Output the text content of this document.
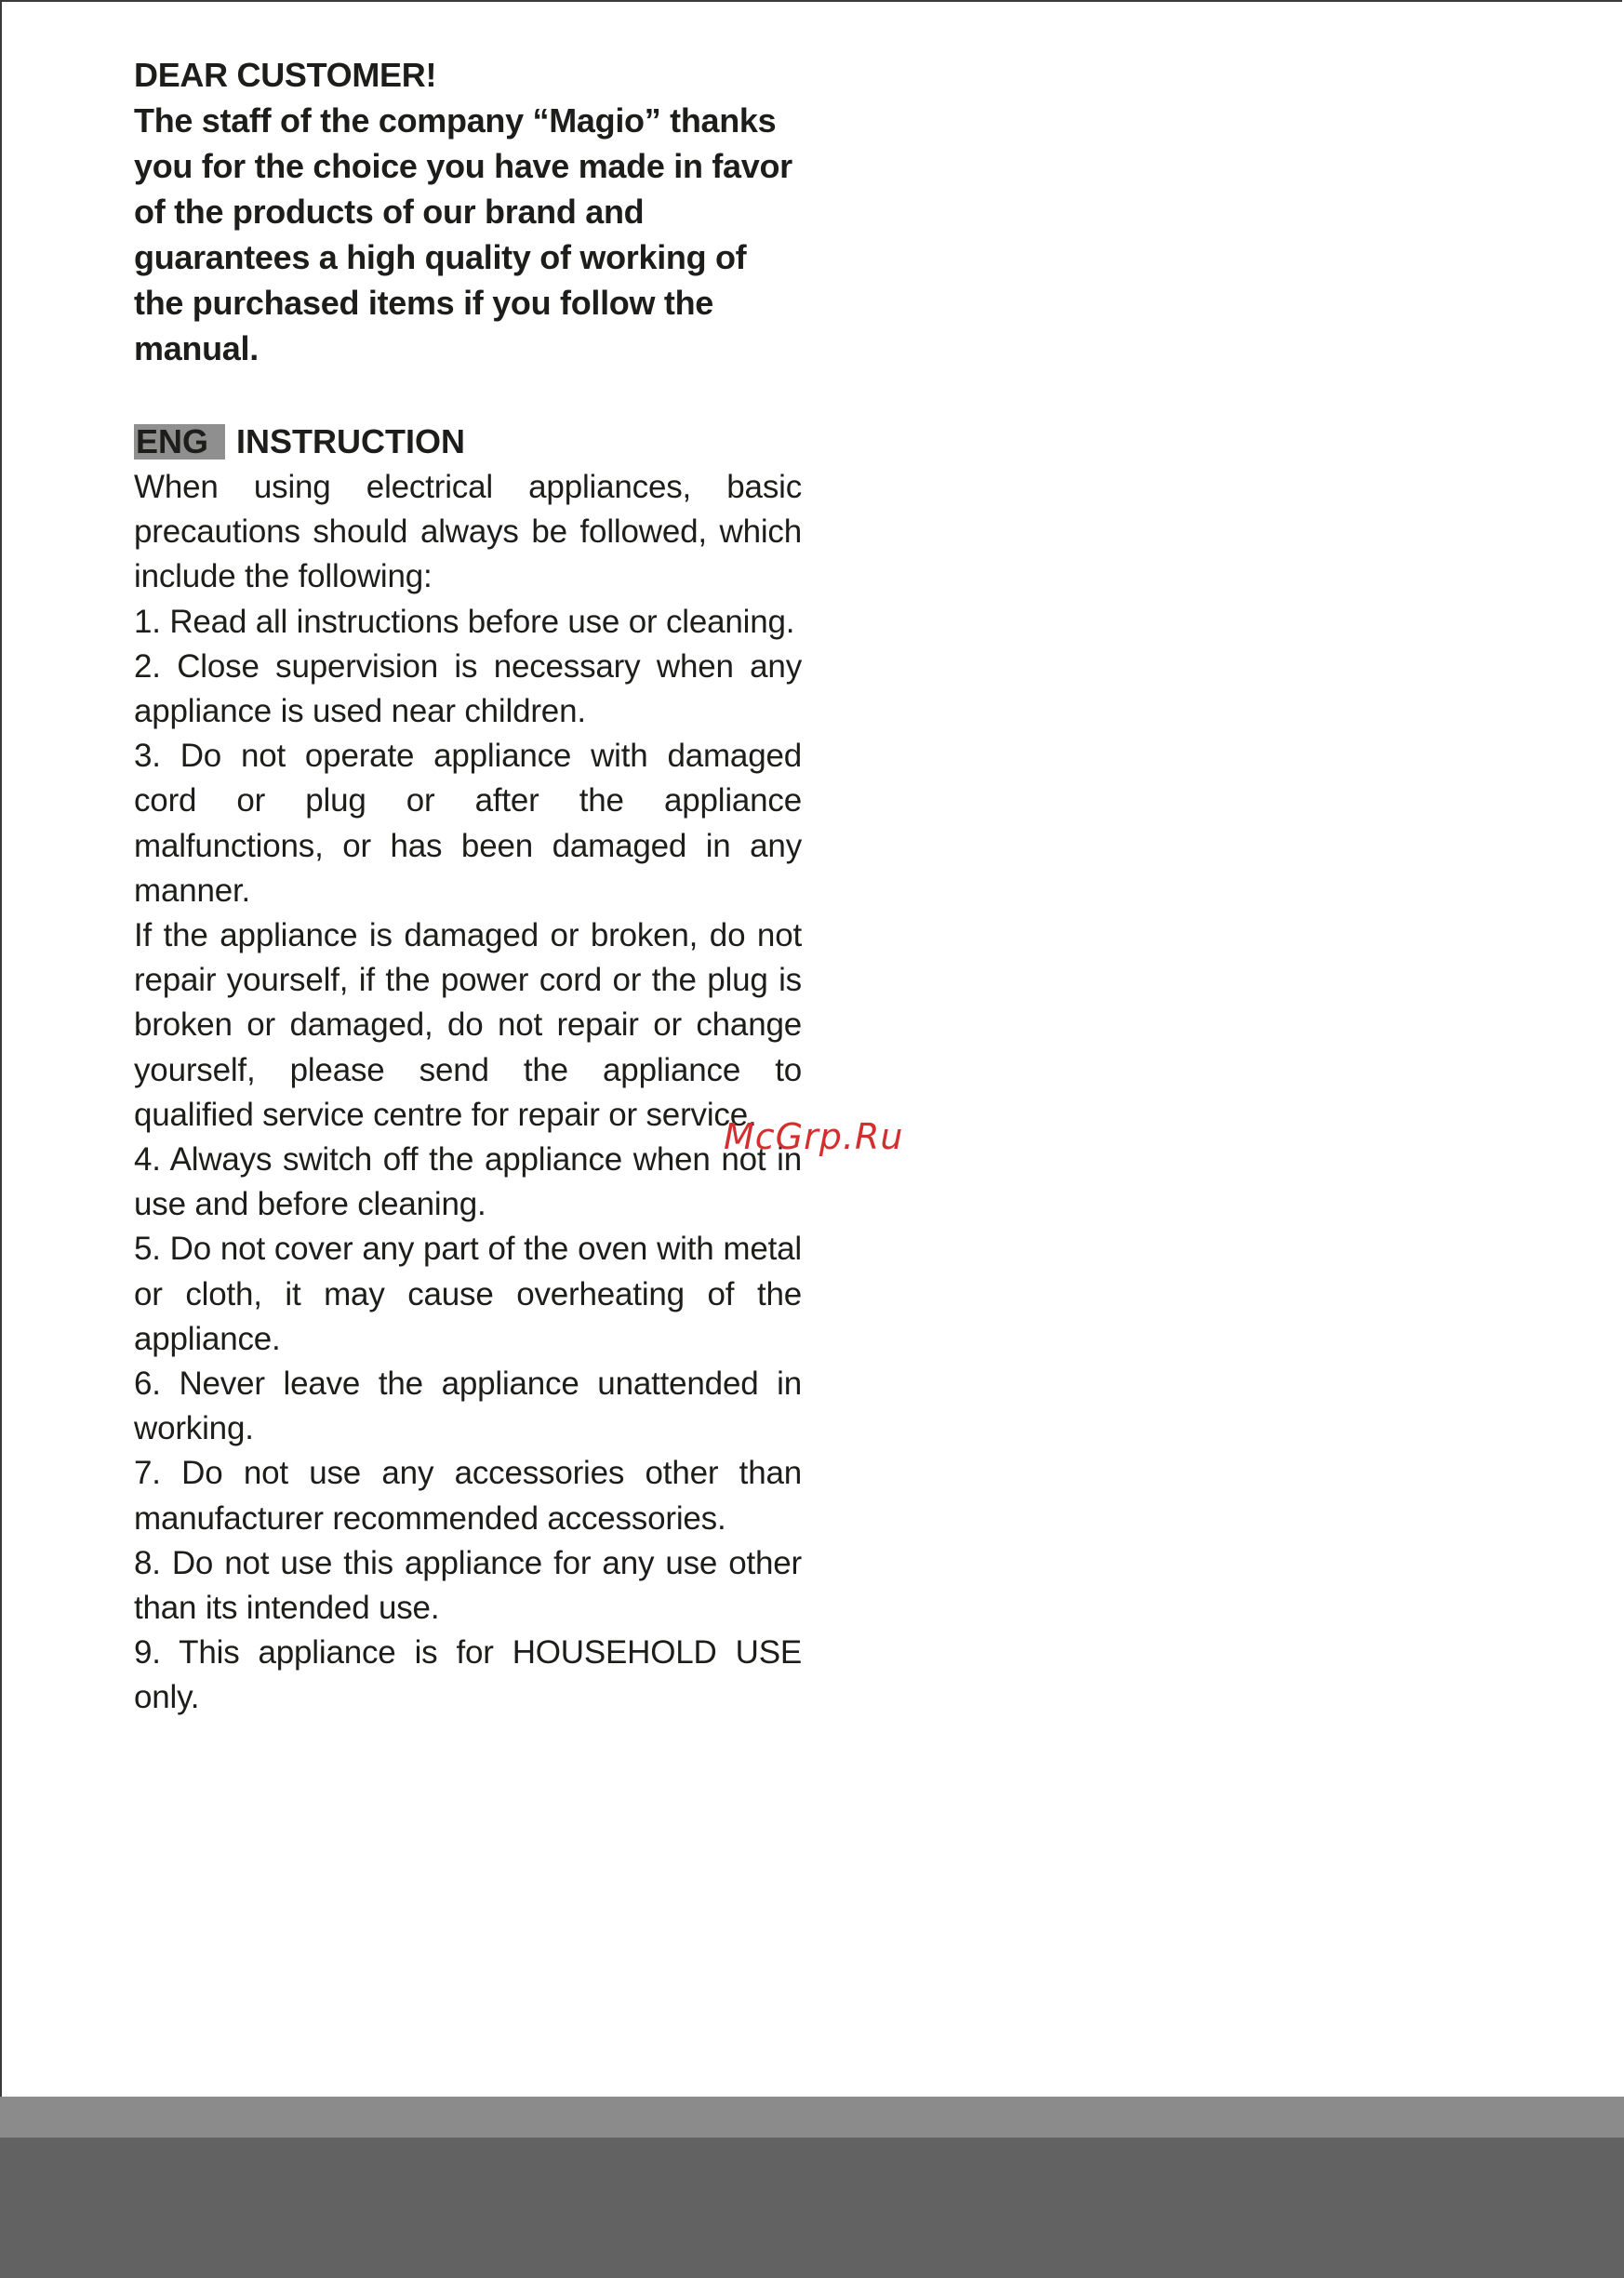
DEAR CUSTOMER!
The staff of the company “Magio” thanks
you for the choice you have made in favor
of the products of our brand and
guarantees a high quality of working of
the purchased items if you follow the
manual.
ENG INSTRUCTION

When using electrical appliances, basic precautions should always be followed, which include the following:

1. Read all instructions before use or cleaning.

2. Close supervision is necessary when any appliance is used near children.

3. Do not operate appliance with damaged cord or plug or after the appliance malfunctions, or has been damaged in any manner.

If the appliance is damaged or broken, do not repair yourself, if the power cord or the plug is broken or damaged, do not repair or change yourself, please send the appliance to qualified service centre for repair or service.

4. Always switch off the appliance when not in use and before cleaning.

5. Do not cover any part of the oven with metal or cloth, it may cause overheating of the appliance.

6. Never leave the appliance unattended in working.

7. Do not use any accessories other than manufacturer recommended accessories.

8. Do not use this appliance for any use other than its intended use.

9. This appliance is for HOUSEHOLD USE only.

McGrp.Ru
